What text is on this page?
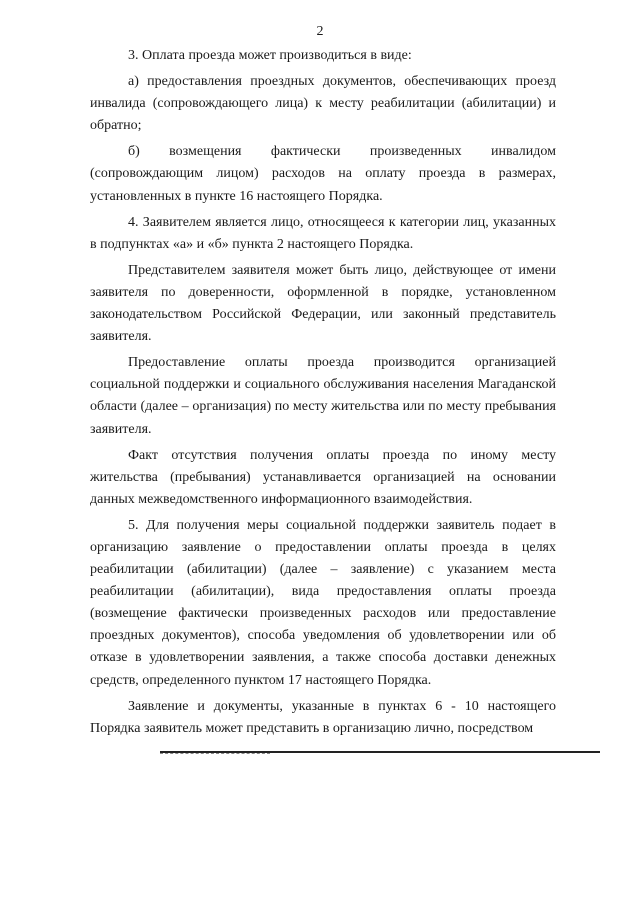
2

3. Оплата проезда может производиться в виде:

а) предоставления проездных документов, обеспечивающих проезд инвалида (сопровождающего лица) к месту реабилитации (абилитации) и обратно;

б) возмещения фактически произведенных инвалидом (сопровождающим лицом) расходов на оплату проезда в размерах, установленных в пункте 16 настоящего Порядка.

4. Заявителем является лицо, относящееся к категории лиц, указанных в подпунктах «а» и «б» пункта 2 настоящего Порядка.

Представителем заявителя может быть лицо, действующее от имени заявителя по доверенности, оформленной в порядке, установленном законодательством Российской Федерации, или законный представитель заявителя.

Предоставление оплаты проезда производится организацией социальной поддержки и социального обслуживания населения Магаданской области (далее – организация) по месту жительства или по месту пребывания заявителя.

Факт отсутствия получения оплаты проезда по иному месту жительства (пребывания) устанавливается организацией на основании данных межведомственного информационного взаимодействия.

5. Для получения меры социальной поддержки заявитель подает в организацию заявление о предоставлении оплаты проезда в целях реабилитации (абилитации) (далее – заявление) с указанием места реабилитации (абилитации), вида предоставления оплаты проезда (возмещение фактически произведенных расходов или предоставление проездных документов), способа уведомления об удовлетворении или об отказе в удовлетворении заявления, а также способа доставки денежных средств, определенного пунктом 17 настоящего Порядка.

Заявление и документы, указанные в пунктах 6 - 10 настоящего Порядка заявитель может представить в организацию лично, посредством
